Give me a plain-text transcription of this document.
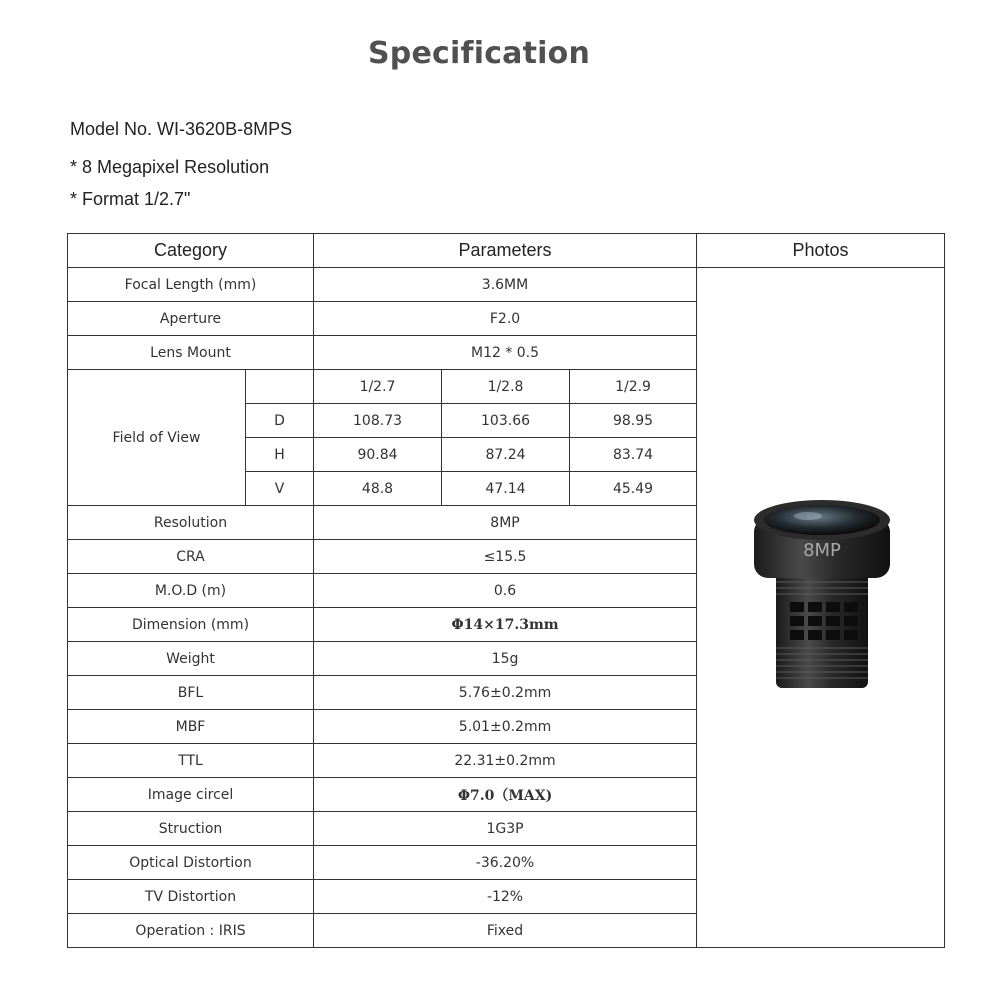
Specification
Model No. WI-3620B-8MPS
* 8 Megapixel Resolution
* Format 1/2.7"
Category		Parameters			Photos
Focal Length (mm)		3.6MM			8MP

Aperture		F2.0			
Lens Mount		M12 * 0.5			
Field of View		1/2.7	1/2.8	1/2.9	
	D	108.73	103.66	98.95	
	H	90.84	87.24	83.74	
	V	48.8	47.14	45.49	
Resolution		8MP			
CRA		≤15.5			
M.O.D (m)		0.6			
Dimension (mm)		Φ14×17.3mm			
Weight		15g			
BFL		5.76±0.2mm			
MBF		5.01±0.2mm			
TTL		22.31±0.2mm			
Image circel		Φ7.0（MAX)			
Struction		1G3P			
Optical Distortion		-36.20%			
TV Distortion		-12%			
Operation : IRIS		Fixed			
